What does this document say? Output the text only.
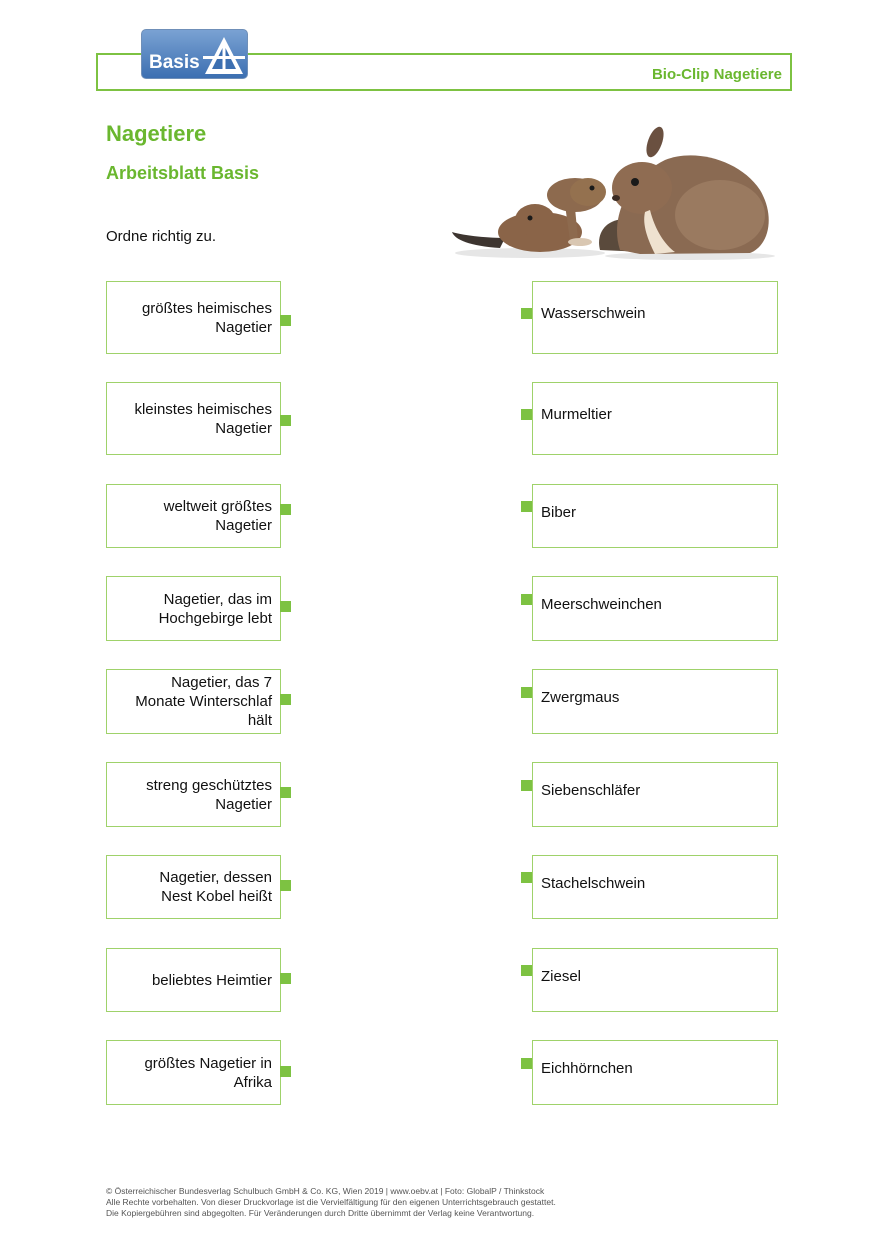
Bio-Clip Nagetiere
Basis
Nagetiere
Arbeitsblatt Basis
Ordne richtig zu.
größtes heimisches
Nagetier
kleinstes heimisches
Nagetier
weltweit größtes
Nagetier
Nagetier, das im
Hochgebirge lebt
Nagetier, das 7
Monate Winterschlaf
hält
streng geschütztes
Nagetier
Nagetier, dessen
Nest Kobel heißt
beliebtes Heimtier
größtes Nagetier in
Afrika
Wasserschwein
Murmeltier
Biber
Meerschweinchen
Zwergmaus
Siebenschläfer
Stachelschwein
Ziesel
Eichhörnchen
© Österreichischer Bundesverlag Schulbuch GmbH & Co. KG, Wien 2019 | www.oebv.at | Foto: GlobalP / Thinkstock
Alle Rechte vorbehalten. Von dieser Druckvorlage ist die Vervielfältigung für den eigenen Unterrichtsgebrauch gestattet.
Die Kopiergebühren sind abgegolten. Für Veränderungen durch Dritte übernimmt der Verlag keine Verantwortung.
